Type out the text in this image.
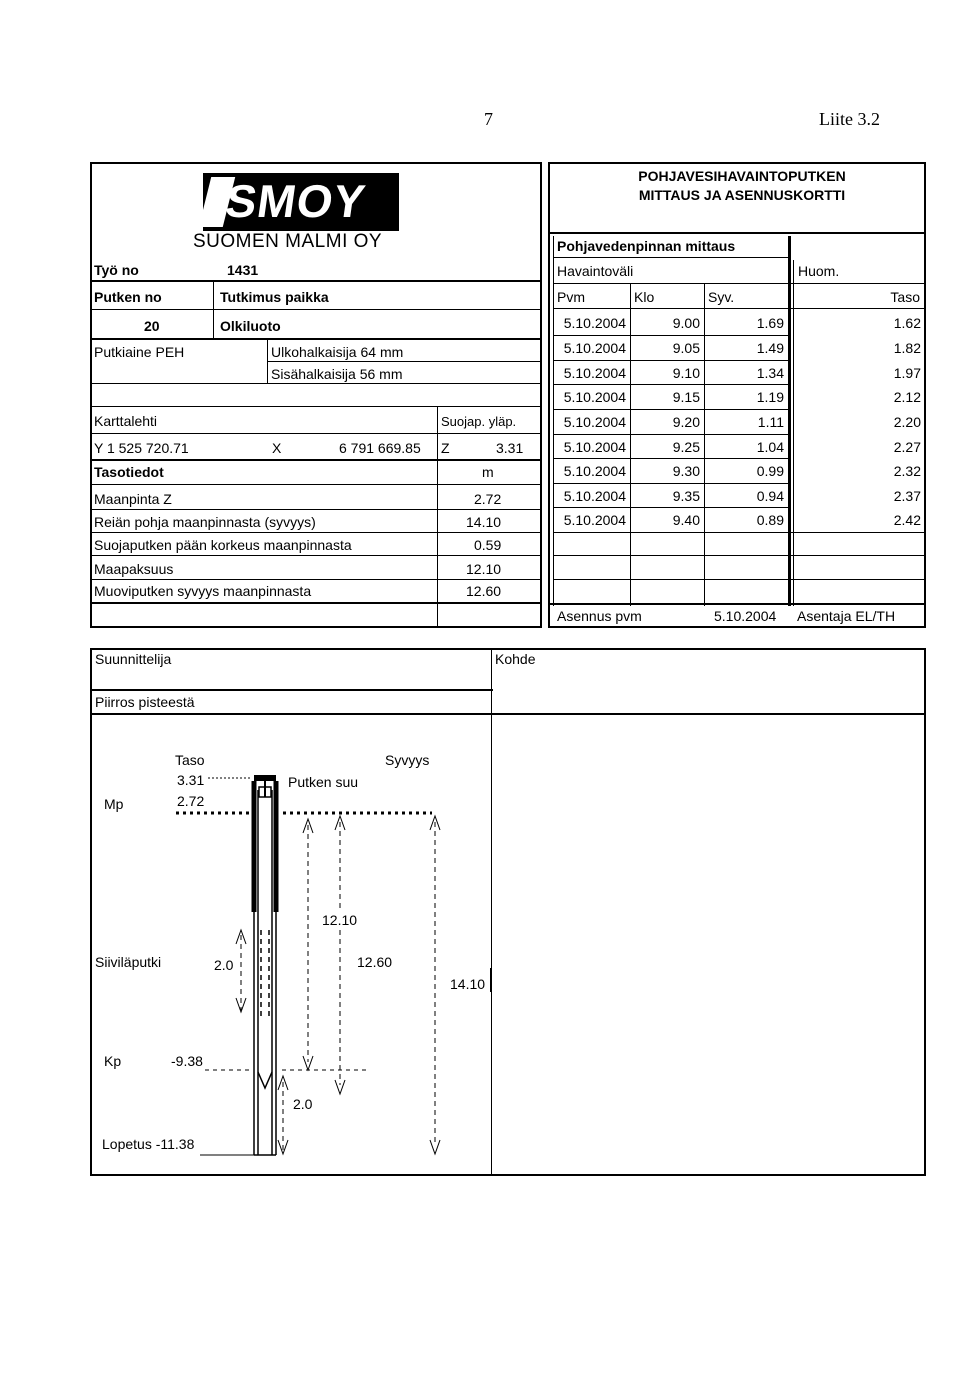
7	Liite 3.2
SMOY
SUOMEN MALMI OY
Työ no	1431
Putken no	Tutkimus paikka
20	Olkiluoto
Putkiaine PEH	Ulkohalkaisija 64 mm
Sisähalkaisija 56 mm
Karttalehti	Suojap. yläp.
Y 1 525 720.71	X	6 791 669.85 Z	3.31
Tasotiedot	m
Maanpinta Z	2.72
Reiän pohja maanpinnasta (syvyys)	14.10
Suojaputken pään korkeus maanpinnasta	0.59
Maapaksuus	12.10
Muoviputken syvyys maanpinnasta	12.60
POHJAVESIHAVAINTOPUTKEN
MITTAUS JA ASENNUSKORTTI
Pohjavedenpinnan mittaus
Havaintoväli	Huom.
Pvm	Klo	Syv.	Taso
5.10.2004	9.00	1.69	1.62
5.10.2004	9.05	1.49	1.82
5.10.2004	9.10	1.34	1.97
5.10.2004	9.15	1.19	2.12
5.10.2004	9.20	1.11	2.20
5.10.2004	9.25	1.04	2.27
5.10.2004	9.30	0.99	2.32
5.10.2004	9.35	0.94	2.37
5.10.2004	9.40	0.89	2.42
Asennus pvm	5.10.2004 Asentaja EL/TH
Suunnittelija	Kohde
Piirros pisteestä
Taso	Syvyys
3.31	Putken suu
Mp	2.72
12.10
Siiviläputki	2.0	12.60
14.10
Kp	-9.38
2.0
Lopetus -11.38
